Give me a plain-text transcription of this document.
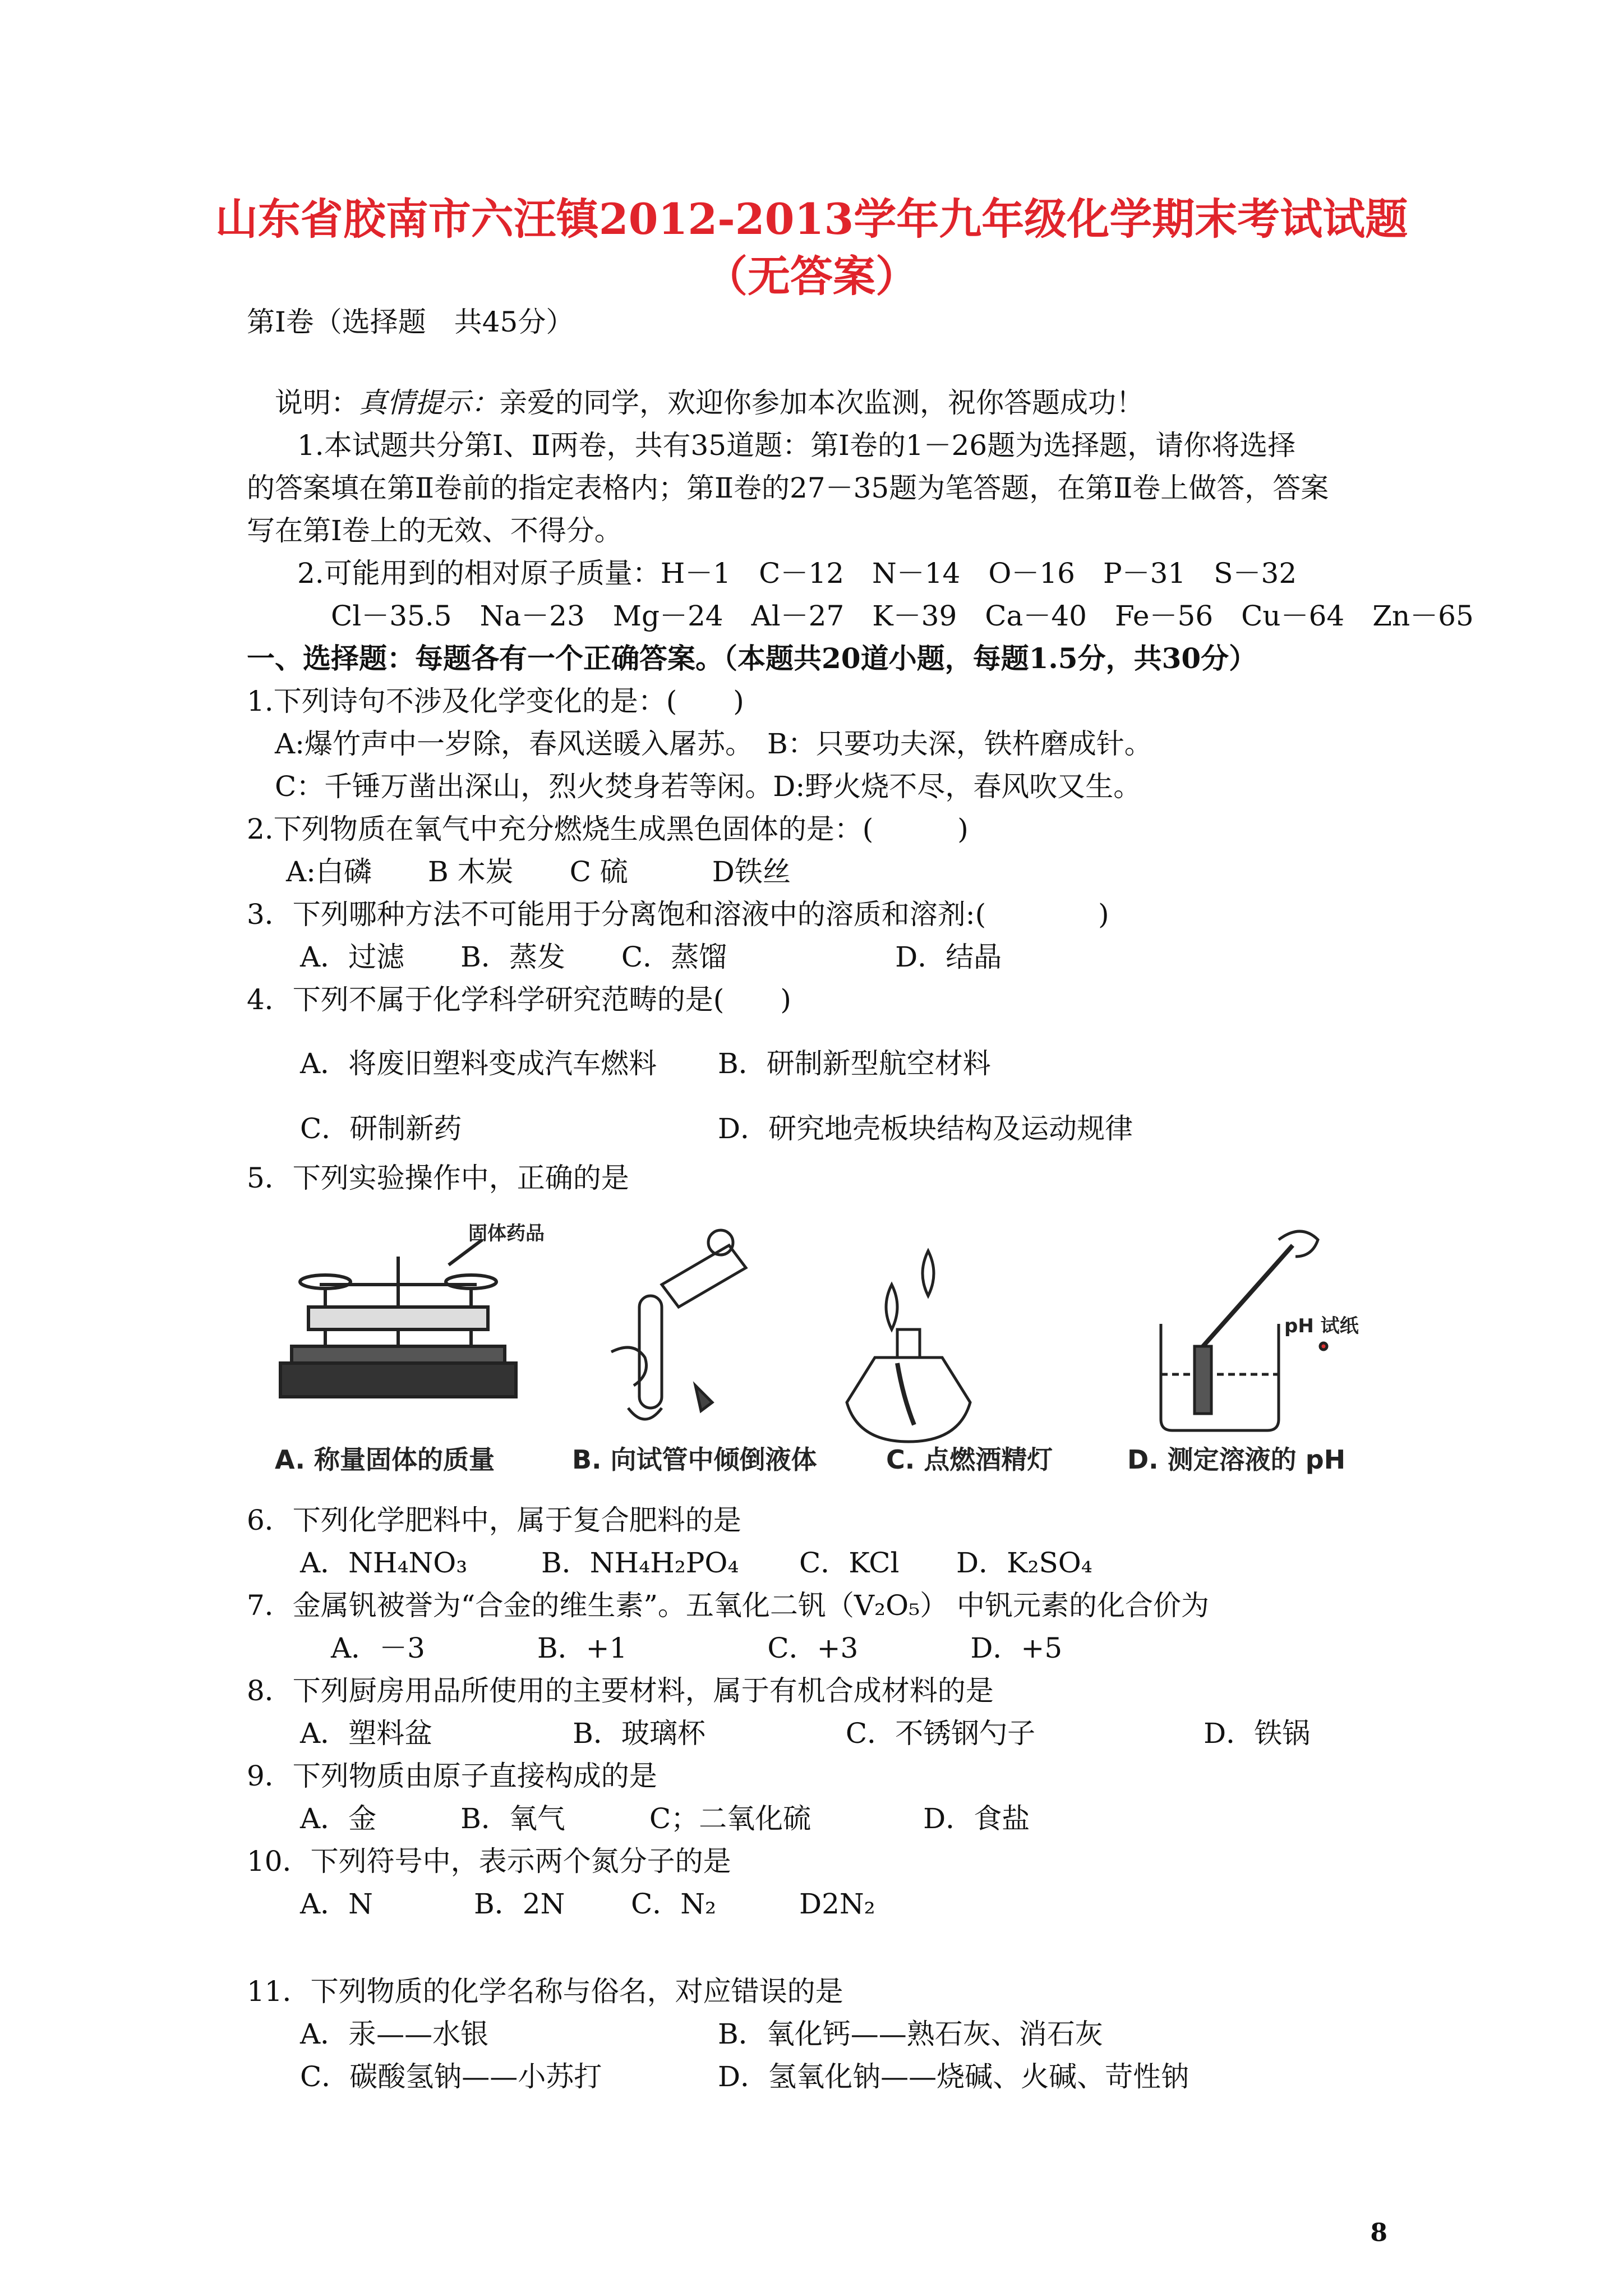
山东省胶南市六汪镇2012-2013学年九年级化学期末考试试题（无答案）
第Ⅰ卷（选择题　共45分）
说明：真情提示：亲爱的同学，欢迎你参加本次监测，祝你答题成功！
1.本试题共分第Ⅰ、Ⅱ两卷，共有35道题：第Ⅰ卷的1－26题为选择题，请你将选择
的答案填在第Ⅱ卷前的指定表格内；第Ⅱ卷的27－35题为笔答题，在第Ⅱ卷上做答，答案
写在第Ⅰ卷上的无效、不得分。
2.可能用到的相对原子质量：H－1　C－12　N－14　O－16　P－31　S－32
Cl－35.5　Na－23　Mg－24　Al－27　K－39　Ca－40　Fe－56　Cu－64　Zn－65
一、选择题：每题各有一个正确答案。（本题共20道小题，每题1.5分，共30分）
1.下列诗句不涉及化学变化的是：(　　)
A:爆竹声中一岁除，春风送暖入屠苏。　B：只要功夫深，铁杵磨成针。
C：千锤万凿出深山，烈火焚身若等闲。D:野火烧不尽，春风吹又生。
2.下列物质在氧气中充分燃烧生成黑色固体的是：(　　　)
A:白磷　　B 木炭　　C 硫　　　D铁丝
3．下列哪种方法不可能用于分离饱和溶液中的溶质和溶剂:(　　　　)
A．过滤　　B．蒸发　　C．蒸馏　　　　　　D．结晶
4．下列不属于化学科学研究范畴的是(　　)
A．将废旧塑料变成汽车燃料 B．研制新型航空材料
C．研制新药	D．研究地壳板块结构及运动规律
5．下列实验操作中，正确的是
固体药品
pH 试纸
A. 称量固体的质量	B. 向试管中倾倒液体	C. 点燃酒精灯	D. 测定溶液的 pH
6．下列化学肥料中，属于复合肥料的是
A．NH₄NO₃	B．NH₄H₂PO₄ C．KCl D．K₂SO₄
7．金属钒被誉为“合金的维生素”。五氧化二钒（V₂O₅） 中钒元素的化合价为
A．－3　　　　B．+1　　　　　C．+3　　　　D．+5
8．下列厨房用品所使用的主要材料，属于有机合成材料的是
A．塑料盆　　　　　B．玻璃杯　　　　　C．不锈钢勺子　　　　　　D．铁锅
9．下列物质由原子直接构成的是
A．金　　　B．氧气　　　C；二氧化硫　　　　D．食盐
10．下列符号中，表示两个氮分子的是
A．N	B．2N C．N₂	D2N₂
11．下列物质的化学名称与俗名，对应错误的是
A．汞——水银	B．氧化钙——熟石灰、消石灰
C．碳酸氢钠——小苏打	D．氢氧化钠——烧碱、火碱、苛性钠
8
